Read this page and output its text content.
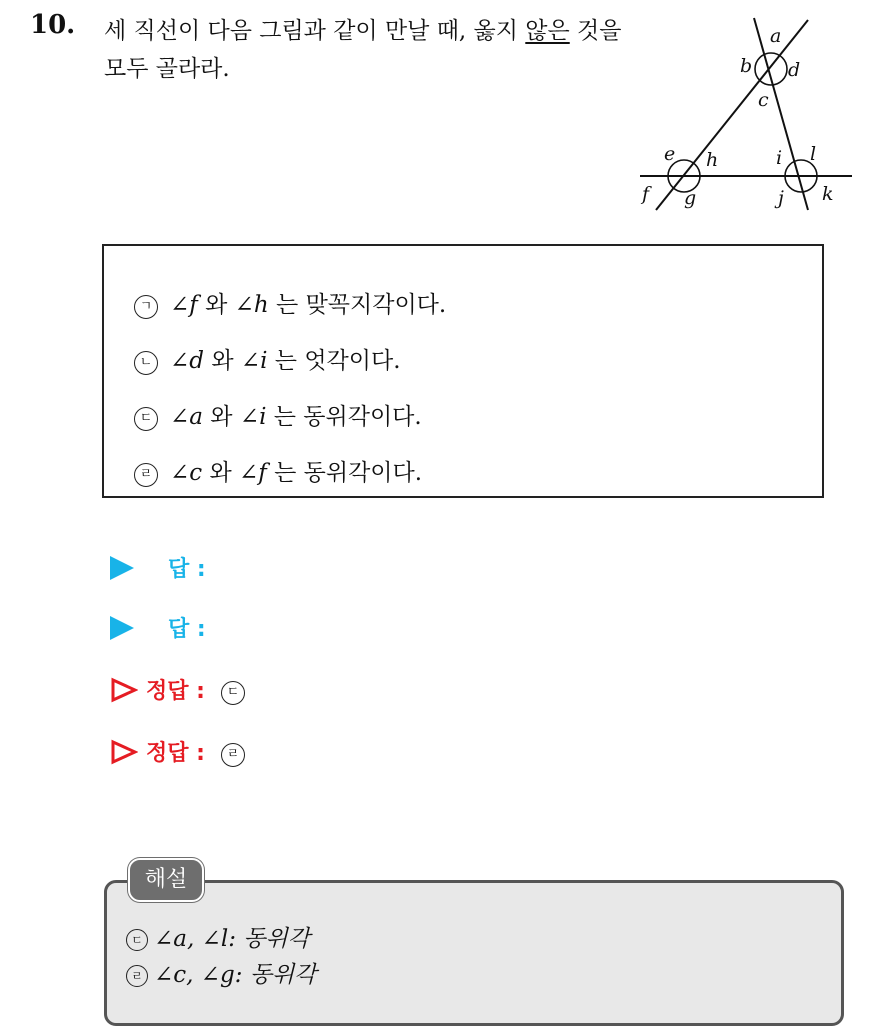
10. 세 직선이 다음 그림과 같이 만날 때, 옳지 않은 것을 모두 골라라.
a
b
c
d
e
f g
h	i
j k
l
ㄱ ∠f 와 ∠h 는 맞꼭지각이다.
ㄴ ∠d 와 ∠i 는 엇각이다.
ㄷ ∠a 와 ∠i 는 동위각이다.
ㄹ ∠c 와 ∠f 는 동위각이다.
답 :
답 :
정답 : ㄷ
정답 : ㄹ
해설
ㄷ ∠a, ∠l: 동위각
ㄹ ∠c, ∠g: 동위각
